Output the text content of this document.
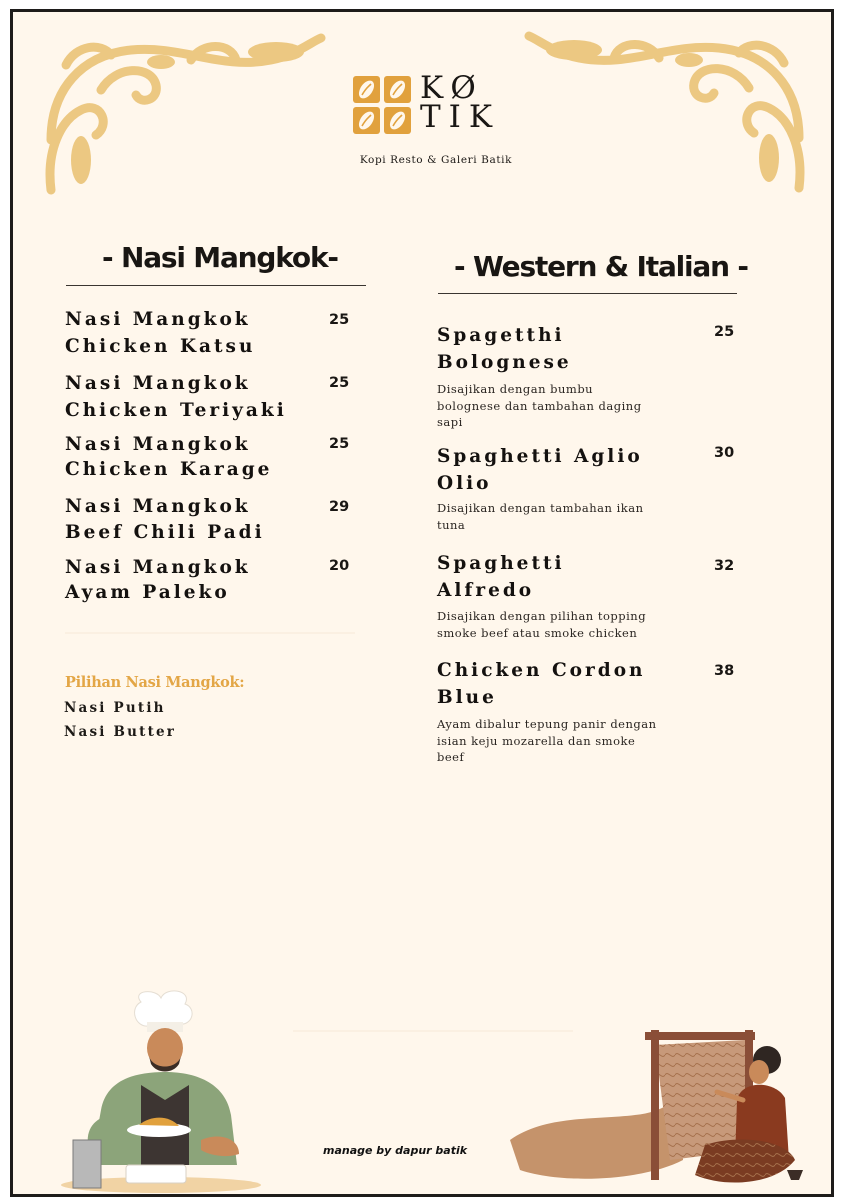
KØ
TIK
Kopi Resto & Galeri Batik
- Nasi Mangkok-
Nasi Mangkok
Chicken Katsu
25
Nasi Mangkok
Chicken Teriyaki
25
Nasi Mangkok
Chicken Karage
25
Nasi Mangkok
Beef Chili Padi
29
Nasi Mangkok
Ayam Paleko
20
Pilihan Nasi Mangkok:
Nasi Putih
Nasi Butter
- Western & Italian -
Spagetthi
Bolognese
25
Disajikan dengan bumbu
bolognese dan tambahan daging
sapi
Spaghetti Aglio
Olio
30
Disajikan dengan tambahan ikan
tuna
Spaghetti
Alfredo
32
Disajikan dengan pilihan topping
smoke beef atau smoke chicken
Chicken Cordon
Blue
38
Ayam dibalur tepung panir dengan
isian keju mozarella dan smoke
beef
manage by dapur batik
